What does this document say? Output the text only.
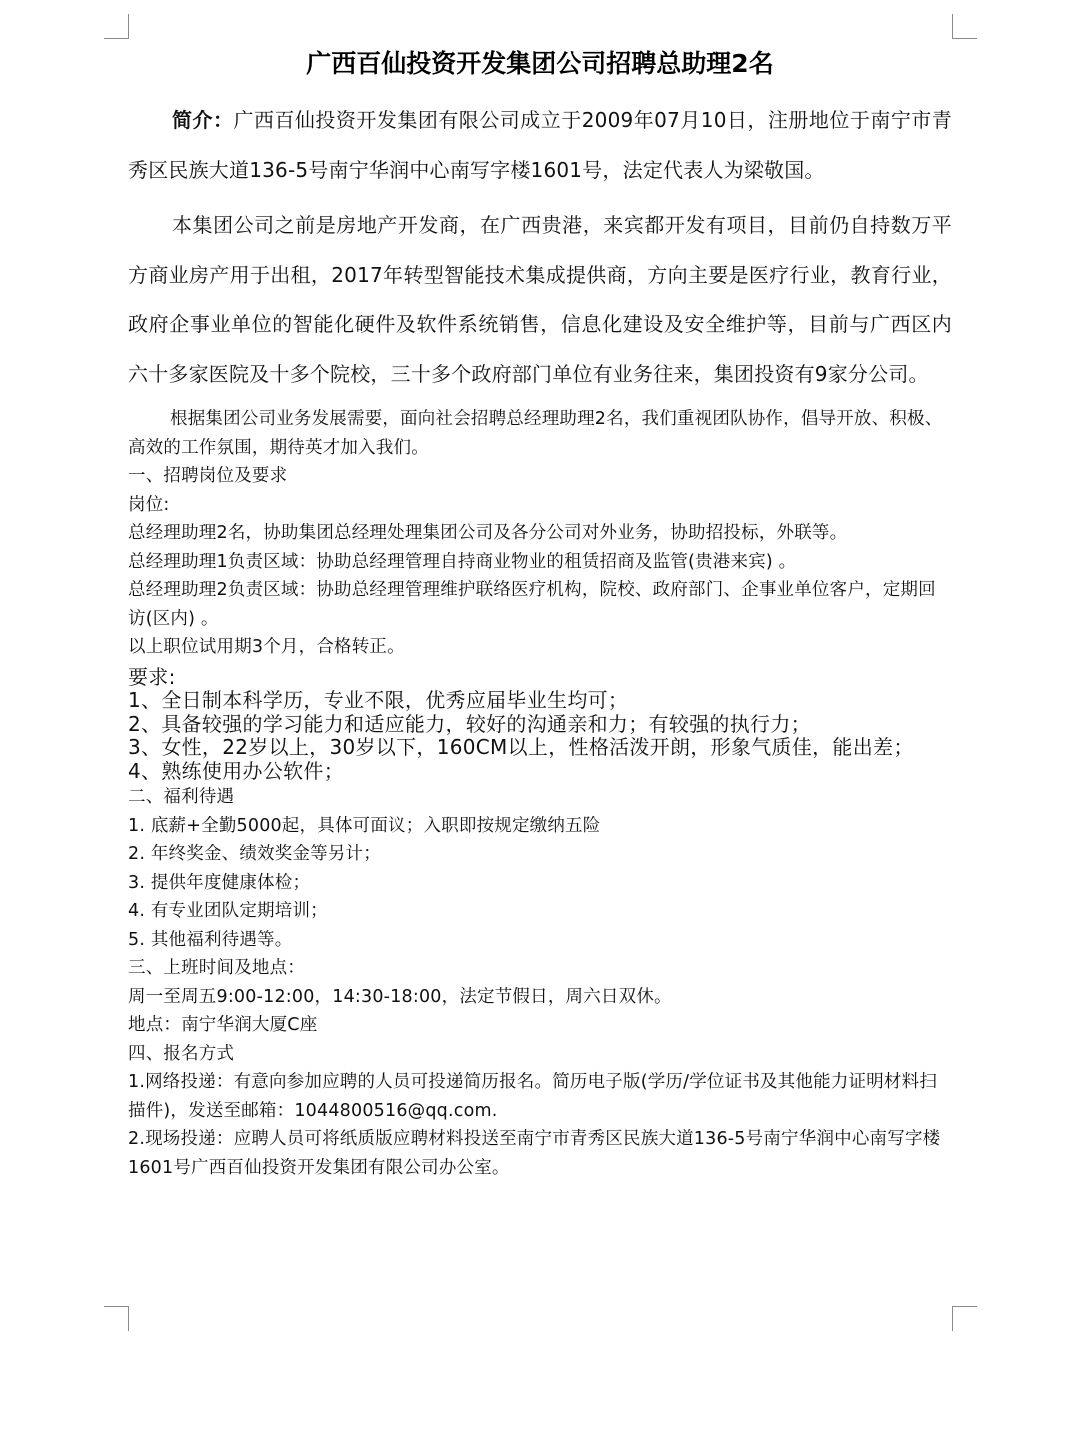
广西百仙投资开发集团公司招聘总助理2名

简介：广西百仙投资开发集团有限公司成立于2009年07月10日，注册地位于南宁市青秀区民族大道136-5号南宁华润中心南写字楼1601号，法定代表人为梁敬国。

本集团公司之前是房地产开发商，在广西贵港，来宾都开发有项目，目前仍自持数万平方商业房产用于出租，2017年转型智能技术集成提供商，方向主要是医疗行业，教育行业，政府企事业单位的智能化硬件及软件系统销售，信息化建设及安全维护等，目前与广西区内六十多家医院及十多个院校，三十多个政府部门单位有业务往来，集团投资有9家分公司。

根据集团公司业务发展需要，面向社会招聘总经理助理2名，我们重视团队协作，倡导开放、积极、高效的工作氛围，期待英才加入我们。

一、招聘岗位及要求

岗位:

总经理助理2名，协助集团总经理处理集团公司及各分公司对外业务，协助招投标，外联等。

总经理助理1负责区域：协助总经理管理自持商业物业的租赁招商及监管(贵港来宾) 。

总经理助理2负责区域：协助总经理管理维护联络医疗机构，院校、政府部门、企事业单位客户，定期回访(区内) 。

以上职位试用期3个月，合格转正。

要求:

1、全日制本科学历，专业不限，优秀应届毕业生均可；

2、具备较强的学习能力和适应能力，较好的沟通亲和力；有较强的执行力；

3、女性，22岁以上，30岁以下，160CM以上，性格活泼开朗，形象气质佳，能出差；

4、熟练使用办公软件；

二、福利待遇

1. 底薪+全勤5000起，具体可面议；入职即按规定缴纳五险

2. 年终奖金、绩效奖金等另计；

3. 提供年度健康体检；

4. 有专业团队定期培训；

5. 其他福利待遇等。

三、上班时间及地点：

周一至周五9:00-12:00，14:30-18:00，法定节假日，周六日双休。

地点：南宁华润大厦C座

四、报名方式

1.网络投递：有意向参加应聘的人员可投递简历报名。简历电子版(学历/学位证书及其他能力证明材料扫描件)，发送至邮箱：1044800516@qq.com.

2.现场投递：应聘人员可将纸质版应聘材料投送至南宁市青秀区民族大道136-5号南宁华润中心南写字楼1601号广西百仙投资开发集团有限公司办公室。
